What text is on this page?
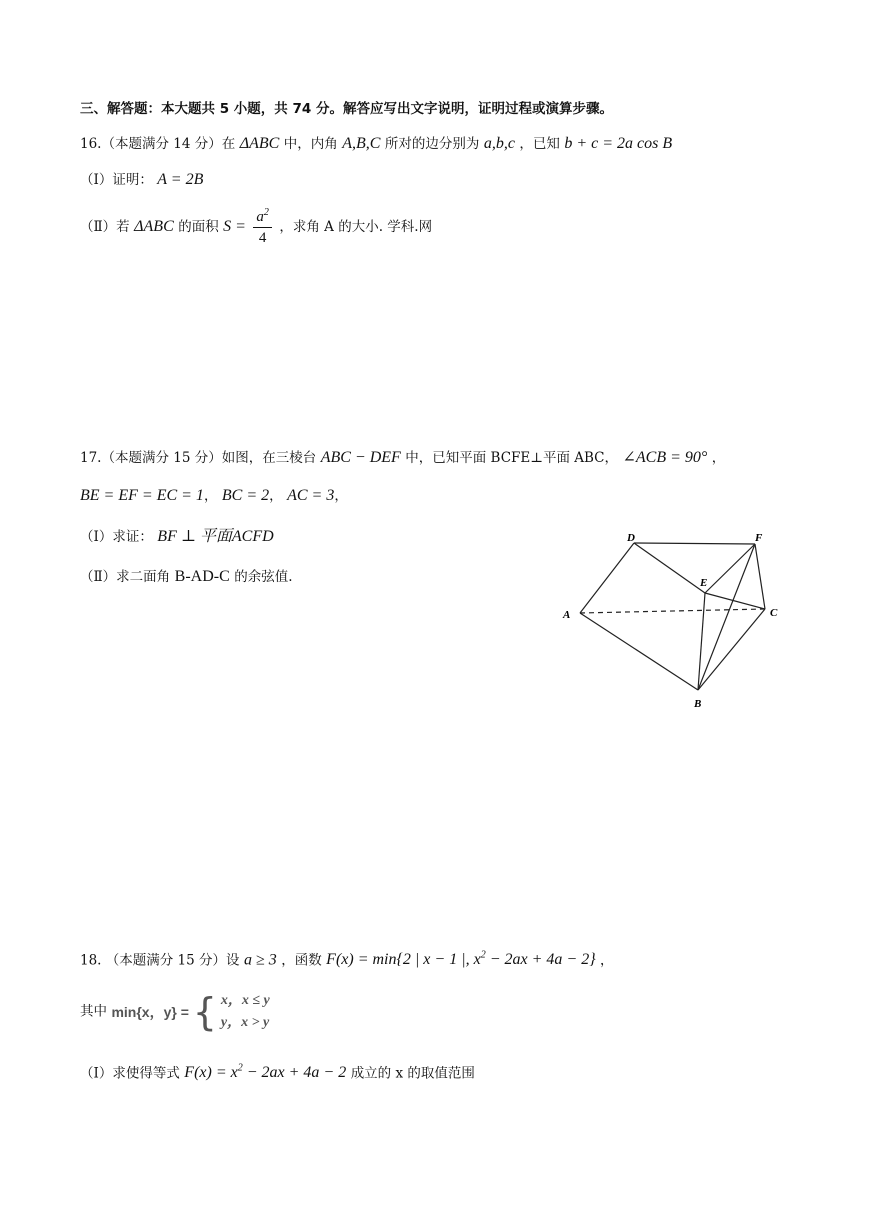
三、解答题：本大题共 5 小题，共 74 分。解答应写出文字说明，证明过程或演算步骤。
16.（本题满分 14 分）在 ΔABC 中，内角 A,B,C 所对的边分别为 a,b,c ，已知 b + c = 2a cos B
（Ⅰ）证明： A = 2B
（Ⅱ）若 ΔABC 的面积 $S = \frac{a^2}{4}$ ，求角 A 的大小. 学科.网
17.（本题满分 15 分）如图，在三棱台 ABC − DEF 中，已知平面 BCFE⊥平面 ABC， ∠ACB = 90° ，
BE = EF = EC = 1， BC = 2， AC = 3，
（Ⅰ）求证： BF ⊥ 平面ACFD
（Ⅱ）求二面角 B-AD-C 的余弦值.
A
B
C
D
E
F
18. （本题满分 15 分）设 a ≥ 3 ，函数 F(x) = min{2 | x − 1 |, $x^2 - 2ax + 4a - 2$} ，
其中 min{x，y} = { x，x ≤ y
y，x > y
（Ⅰ）求使得等式 $F(x) = x^2 - 2ax + 4a - 2$ 成立的 x 的取值范围
